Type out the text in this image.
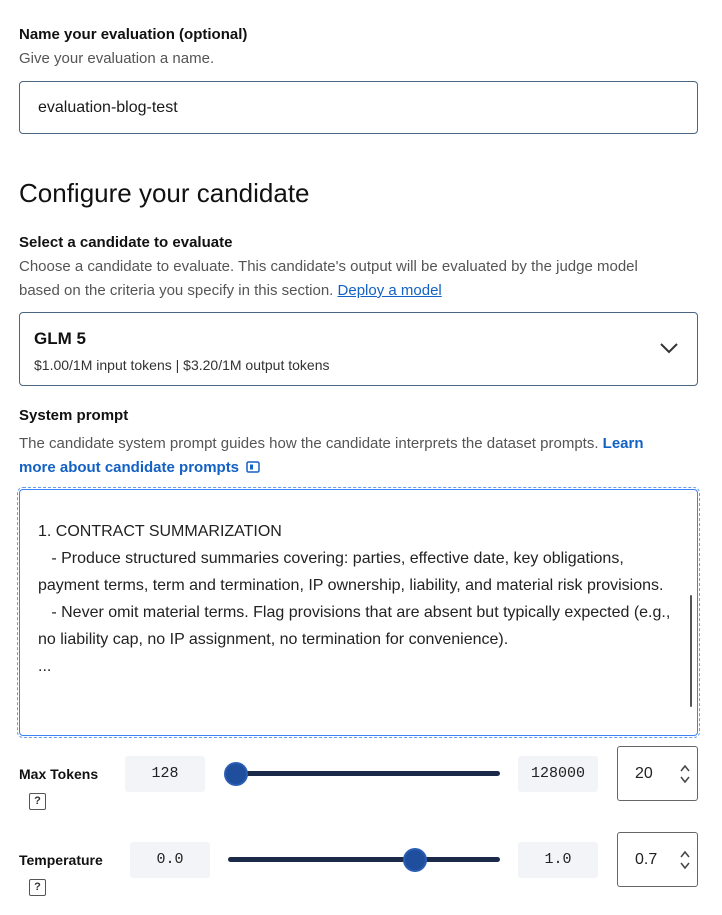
Name your evaluation (optional)
Give your evaluation a name.
evaluation-blog-test
Configure your candidate
Select a candidate to evaluate
Choose a candidate to evaluate. This candidate's output will be evaluated by the judge model
based on the criteria you specify in this section. Deploy a model
GLM 5
$1.00/1M input tokens | $3.20/1M output tokens
System prompt
The candidate system prompt guides how the candidate interprets the dataset prompts. Learn
more about candidate prompts
1. CONTRACT SUMMARIZATION
- Produce structured summaries covering: parties, effective date, key obligations, payment terms, term and termination, IP ownership, liability, and material risk provisions.
- Never omit material terms. Flag provisions that are absent but typically expected (e.g., no liability cap, no IP assignment, no termination for convenience).
...
Max Tokens
?
128	128000	20
Temperature
?
0.0	1.0	0.7
